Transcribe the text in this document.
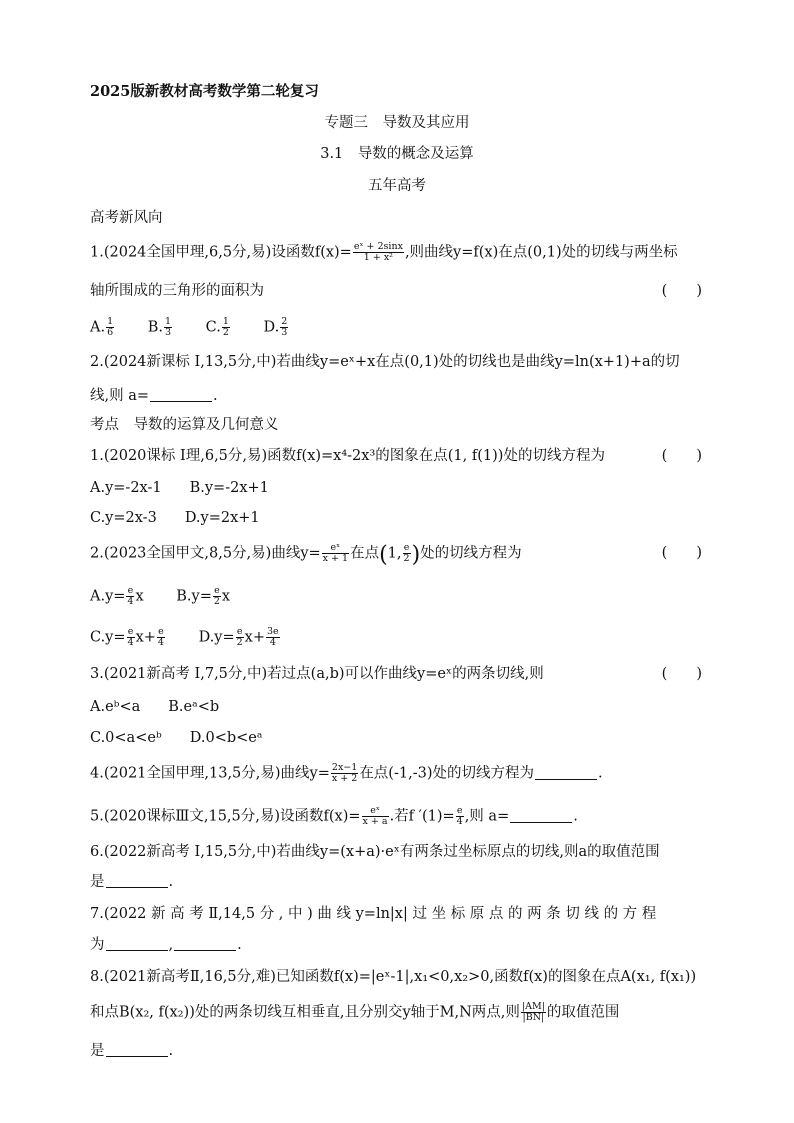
2025版新教材高考数学第二轮复习
专题三　导数及其应用
3.1　导数的概念及运算
五年高考
高考新风向
1.(2024全国甲理,6,5分,易)设函数$f(x)= \frac{\text{eˣ + 2sinx}}{\text{1 + x²}}$ ,则曲线y=f(x)在点(0,1)处的切线与两坐标
轴所围成的三角形的面积为	(　　)
A. $\frac{1}{6} B$. $\frac{1}{3} C$. $\frac{1}{2} D$. $\frac{2}{3}$
2.(2024新课标 Ⅰ,13,5分,中)若曲线y=eˣ+x在点(0,1)处的切线也是曲线y=ln(x+1)+a的切
线,则 a=	.
考点　导数的运算及几何意义
1.(2020课标 Ⅰ理,6,5分,易)函数f(x)=x⁴-2x³的图象在点(1, f(1))处的切线方程为	(　　)
A.y=-2x-1 B.y=-2x+1
C.y=2x-3 D.y=2x+1
2.(2023全国甲文,8,5分,易)曲线$y= \frac{\text{eˣ}}{x + 1}$ 在点(1, $\frac{e}{2}$ )处的切线方程为	(　　)
$A.y= \frac{e}{4}$ x $B.y= \frac{e}{2}$ x
$C.y= \frac{e}{4} x+ \frac{e}{4} D.y= \frac{e}{2} x+ \frac{3e}{4}$
3.(2021新高考 Ⅰ,7,5分,中)若过点(a,b)可以作曲线y=eˣ的两条切线,则	(　　)
A.eᵇ<a B.eᵃ<b
C.0<a<eᵇ D.0<b<eᵃ
4.(2021全国甲理,13,5分,易)曲线$y= \frac{2x-1}{x + 2}$ 在点(-1,-3)处的切线方程为	.
5.(2020课标Ⅲ文,15,5分,易)设函数$f(x)= \frac{\text{eˣ}}{x + a}$ .若f $'(1)= \frac{e}{4}$ ,则 a=	.
6.(2022新高考 Ⅰ,15,5分,中)若曲线y=(x+a)·eˣ有两条过坐标原点的切线,则a的取值范围
是	.
7.(2022 新 高 考 Ⅱ,14,5 分 , 中 ) 曲 线 y=ln|x| 过 坐 标 原 点 的 两 条 切 线 的 方 程
为	,	.
8.(2021新高考Ⅱ,16,5分,难)已知函数f(x)=|eˣ-1|,x₁<0,x₂>0,函数f(x)的图象在点A(x₁, f(x₁))
和点B(x₂, f(x₂))处的两条切线互相垂直,且分别交y轴于M,N两点,则 $\frac{|AM|}{|BN|}$ 的取值范围
是	.
